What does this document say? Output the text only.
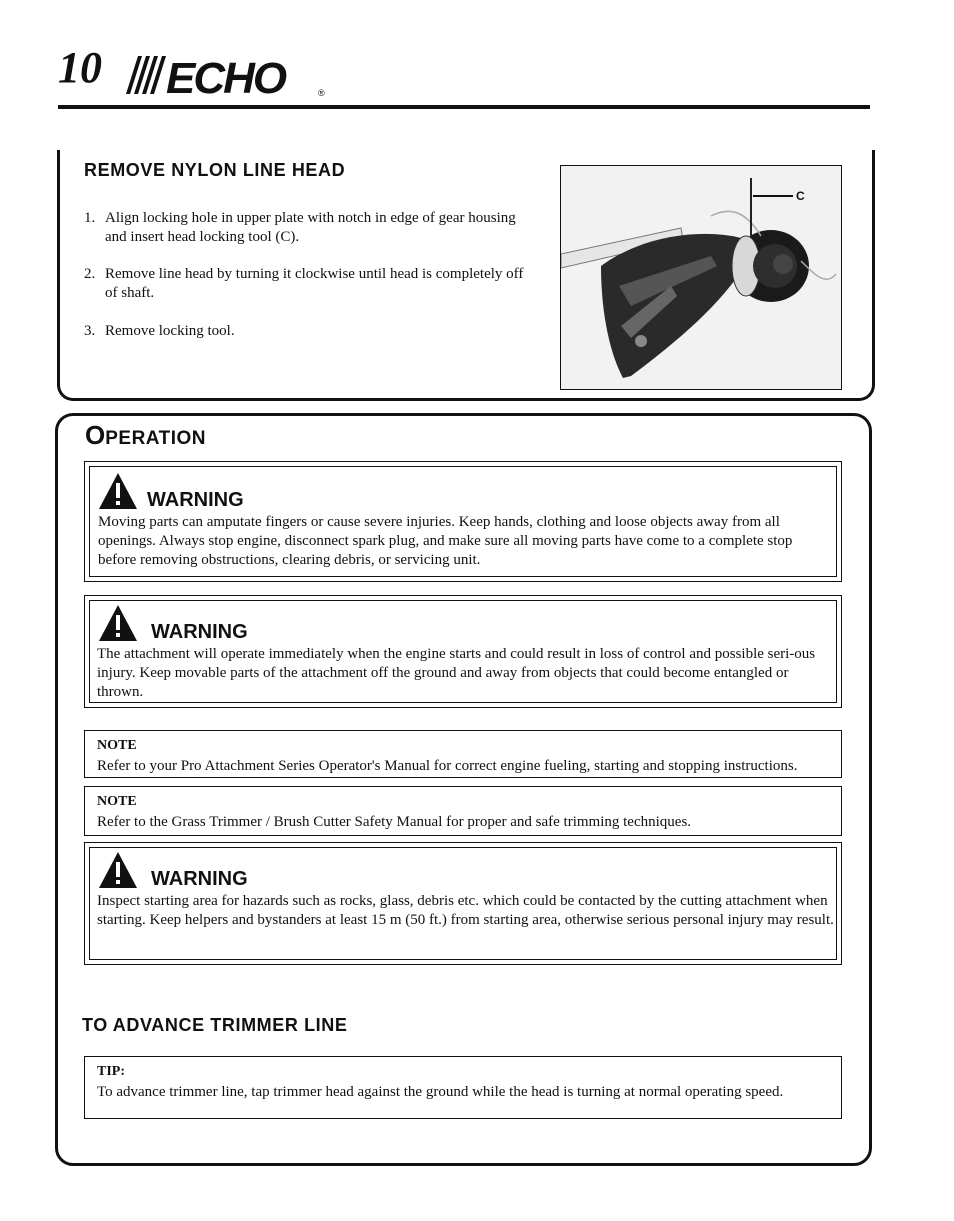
10 ECHO	®
REMOVE NYLON LINE HEAD
1. Align locking hole in upper plate with notch in edge of gear housing and insert head locking tool (C).
2. Remove line head by turning it clockwise until head is completely off of shaft.
3. Remove locking tool.
C
OPERATION
WARNING
Moving parts can amputate fingers or cause severe injuries. Keep hands, clothing and loose objects away from all openings. Always stop engine, disconnect spark plug, and make sure all moving parts have come to a complete stop before removing obstructions, clearing debris, or servicing unit.
WARNING
The attachment will operate immediately when the engine starts and could result in loss of control and possible seri-ous injury. Keep movable parts of the attachment off the ground and away from objects that could become entangled or thrown.
NOTE
Refer to your Pro Attachment Series Operator's Manual for correct engine fueling, starting and stopping instructions.
NOTE
Refer to the Grass Trimmer / Brush Cutter Safety Manual for proper and safe trimming techniques.
WARNING
Inspect starting area for hazards such as rocks, glass, debris etc. which could be contacted by the cutting attachment when starting. Keep helpers and bystanders at least 15 m (50 ft.) from starting area, otherwise serious personal injury may result.
TO ADVANCE TRIMMER LINE
TIP:
To advance trimmer line, tap trimmer head against the ground while the head is turning at normal operating speed.
